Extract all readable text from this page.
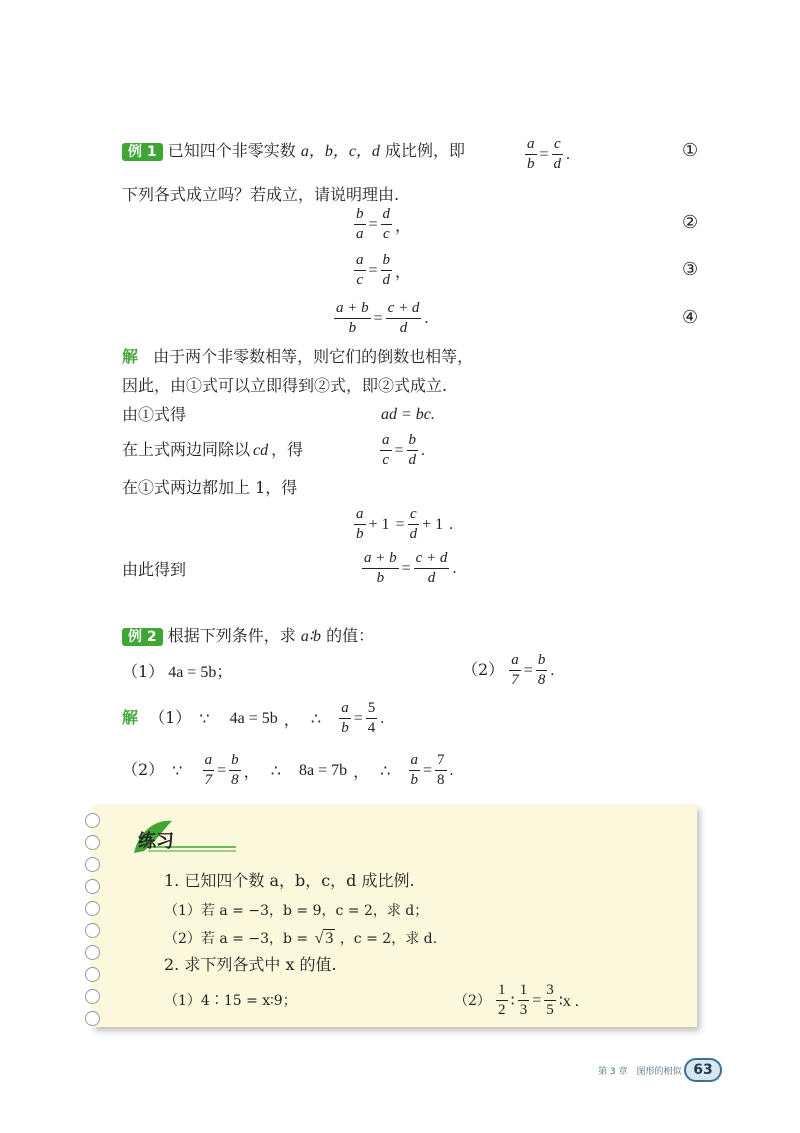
例 1 已知四个非零实数 a，b，c，d 成比例，即	$\frac{a}{b} = \frac{c}{d}$ .	①
下列各式成立吗？若成立，请说明理由.
$\frac{b}{a} = \frac{d}{c}$ ，	②
$\frac{a}{c} = \frac{b}{d}$ ，	③
$\frac{a + b}{b} = \frac{c + d}{d}$ .	④
解 由于两个非零数相等，则它们的倒数也相等，
因此，由①式可以立即得到②式，即②式成立.
由①式得	ad = bc.
在上式两边同除以 cd ，得	$\frac{a}{c} = \frac{b}{d}$ .
在①式两边都加上 1，得
$\frac{a}{b} + 1 = \frac{c}{d} + 1$ .
由此得到	$\frac{a + b}{b} = \frac{c + d}{d}$ .
例 2 根据下列条件，求 a∶b 的值：
（1） 4a = 5b；	$(2) \frac{a}{7} = \frac{b}{8}$ .
解 （1） ∵ 4a = 5b ， ∴ $\frac{a}{b} = \frac{5}{4}$ .
（2） ∵ $\frac{a}{7} = \frac{b}{8}$ ， ∴ 8a = 7b ， ∴ $\frac{a}{b} = \frac{7}{8}$ .
练习
1. 已知四个数 a，b，c，d 成比例.
（1）若 a = −3，b = 9，c = 2，求 d；
（2）若 a = −3，b = √ 3 ，c = 2，求 d.
2. 求下列各式中 x 的值.
（1）4∶15 = x∶9；	$(2) \frac{1}{2}$ ∶ $\frac{1}{3} = \frac{3}{5}$ ∶x .
第 3 章　图形的相似 63
